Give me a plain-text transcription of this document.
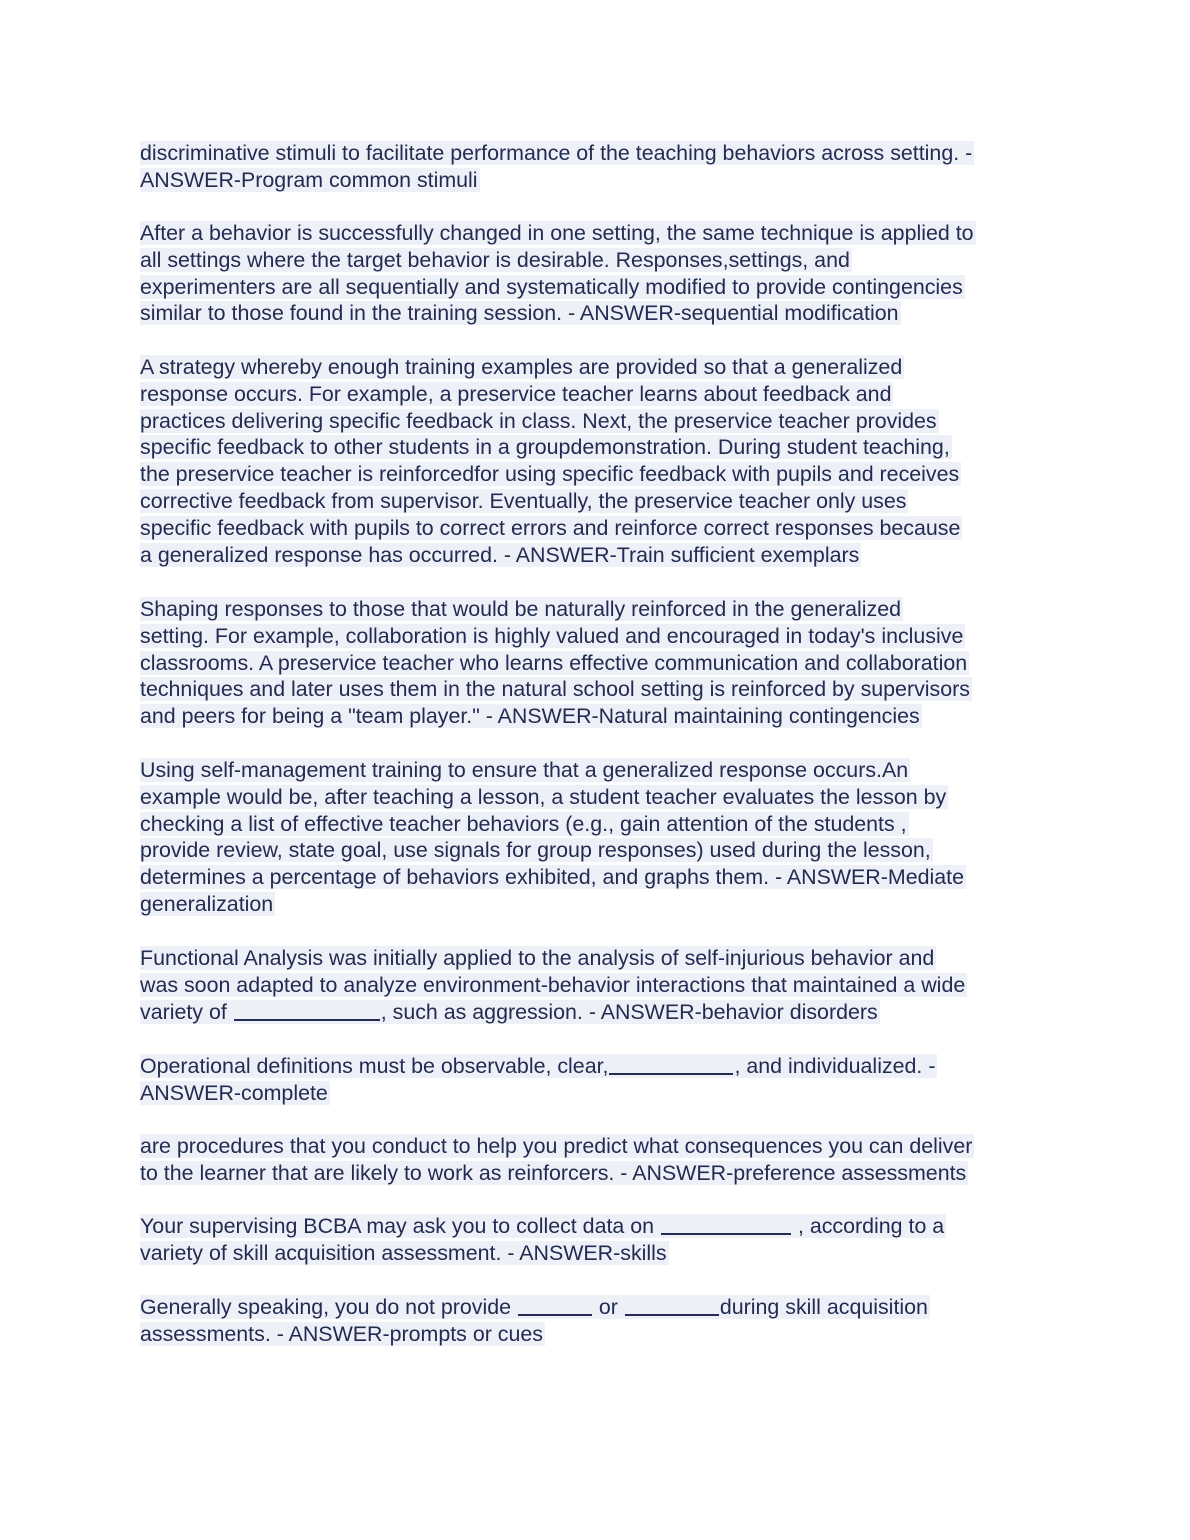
discriminative stimuli to facilitate performance of the teaching behaviors across setting. -
ANSWER-Program common stimuli

After a behavior is successfully changed in one setting, the same technique is applied to
all settings where the target behavior is desirable. Responses,settings, and
experimenters are all sequentially and systematically modified to provide contingencies
similar to those found in the training session. - ANSWER-sequential modification

A strategy whereby enough training examples are provided so that a generalized
response occurs. For example, a preservice teacher learns about feedback and
practices delivering specific feedback in class. Next, the preservice teacher provides
specific feedback to other students in a groupdemonstration. During student teaching,
the preservice teacher is reinforcedfor using specific feedback with pupils and receives
corrective feedback from supervisor. Eventually, the preservice teacher only uses
specific feedback with pupils to correct errors and reinforce correct responses because
a generalized response has occurred. - ANSWER-Train sufficient exemplars

Shaping responses to those that would be naturally reinforced in the generalized
setting. For example, collaboration is highly valued and encouraged in today's inclusive
classrooms. A preservice teacher who learns effective communication and collaboration
techniques and later uses them in the natural school setting is reinforced by supervisors
and peers for being a "team player." - ANSWER-Natural maintaining contingencies

Using self-management training to ensure that a generalized response occurs.An
example would be, after teaching a lesson, a student teacher evaluates the lesson by
checking a list of effective teacher behaviors (e.g., gain attention of the students ,
provide review, state goal, use signals for group responses) used during the lesson,
determines a percentage of behaviors exhibited, and graphs them. - ANSWER-Mediate
generalization

Functional Analysis was initially applied to the analysis of self-injurious behavior and
was soon adapted to analyze environment-behavior interactions that maintained a wide
variety of	, such as aggression. - ANSWER-behavior disorders

Operational definitions must be observable, clear,	, and individualized. -
ANSWER-complete

are procedures that you conduct to help you predict what consequences you can deliver
to the learner that are likely to work as reinforcers. - ANSWER-preference assessments

Your supervising BCBA may ask you to collect data on	, according to a
variety of skill acquisition assessment. - ANSWER-skills

Generally speaking, you do not provide	or	during skill acquisition
assessments. - ANSWER-prompts or cues
